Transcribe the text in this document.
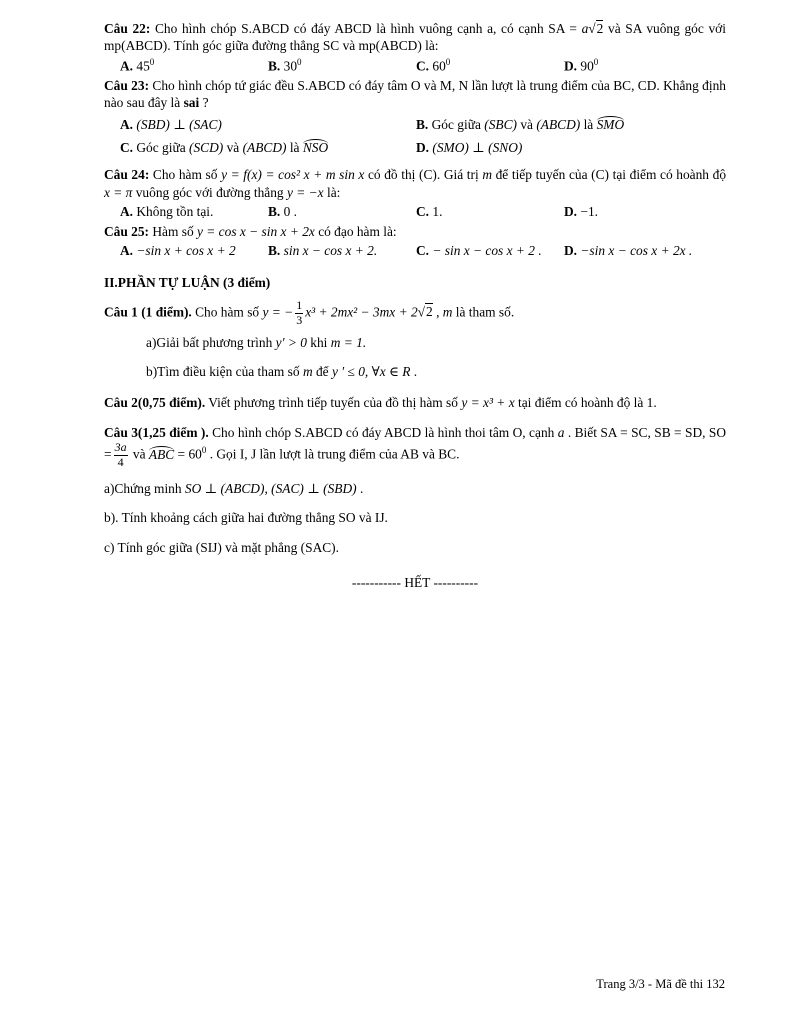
Câu 22: Cho hình chóp S.ABCD có đáy ABCD là hình vuông cạnh a, có cạnh SA = a√2 và SA vuông góc với mp(ABCD). Tính góc giữa đường thẳng SC và mp(ABCD) là:

A. $45^0$	B. $30^0$	C. $60^0$	D. $90^0$

Câu 23: Cho hình chóp tứ giác đều S.ABCD có đáy tâm O và M, N lần lượt là trung điểm của BC, CD. Khẳng định nào sau đây là sai ?

A. (SBD) ⊥ (SAC)	B. Góc giữa (SBC) và (ABCD) là SMO
C. Góc giữa (SCD) và (ABCD) là NSO	D. (SMO) ⊥ (SNO)

Câu 24: Cho hàm số y = f(x) = cos² x + m sin x có đồ thị (C). Giá trị m để tiếp tuyến của (C) tại điểm có hoành độ x = π vuông góc với đường thẳng y = −x là:

A. Không tồn tại.	B. 0 .	C. 1.	D. −1.

Câu 25: Hàm số y = cos x − sin x + 2x có đạo hàm là:

A. −sin x + cos x + 2	B. sin x − cos x + 2.	C. − sin x − cos x + 2 .	D. −sin x − cos x + 2x .

II.PHẦN TỰ LUẬN (3 điểm)

Câu 1 (1 điểm). Cho hàm số y = − $\frac{1}{3} x^3 + 2mx^2 - 3mx + 2√2$ , m là tham số.

a)Giải bất phương trình y′ > 0 khi m = 1.

b)Tìm điều kiện của tham số m để y ′ ≤ 0, ∀x ∈ R .

Câu 2(0,75 điểm). Viết phương trình tiếp tuyến của đồ thị hàm số y = x³ + x tại điểm có hoành độ là 1.

Câu 3(1,25 điểm ). Cho hình chóp S.ABCD có đáy ABCD là hình thoi tâm O, cạnh a . Biết SA = SC, SB = SD, SO = $\frac{3a}{4}$ và ABC = $60^0$ . Gọi I, J lần lượt là trung điểm của AB và BC.

a)Chứng minh SO ⊥ (ABCD), (SAC) ⊥ (SBD) .

b). Tính khoảng cách giữa hai đường thẳng SO và IJ.

c) Tính góc giữa (SIJ) và mặt phẳng (SAC).

----------- HẾT ----------

Trang 3/3 - Mã đề thi 132
